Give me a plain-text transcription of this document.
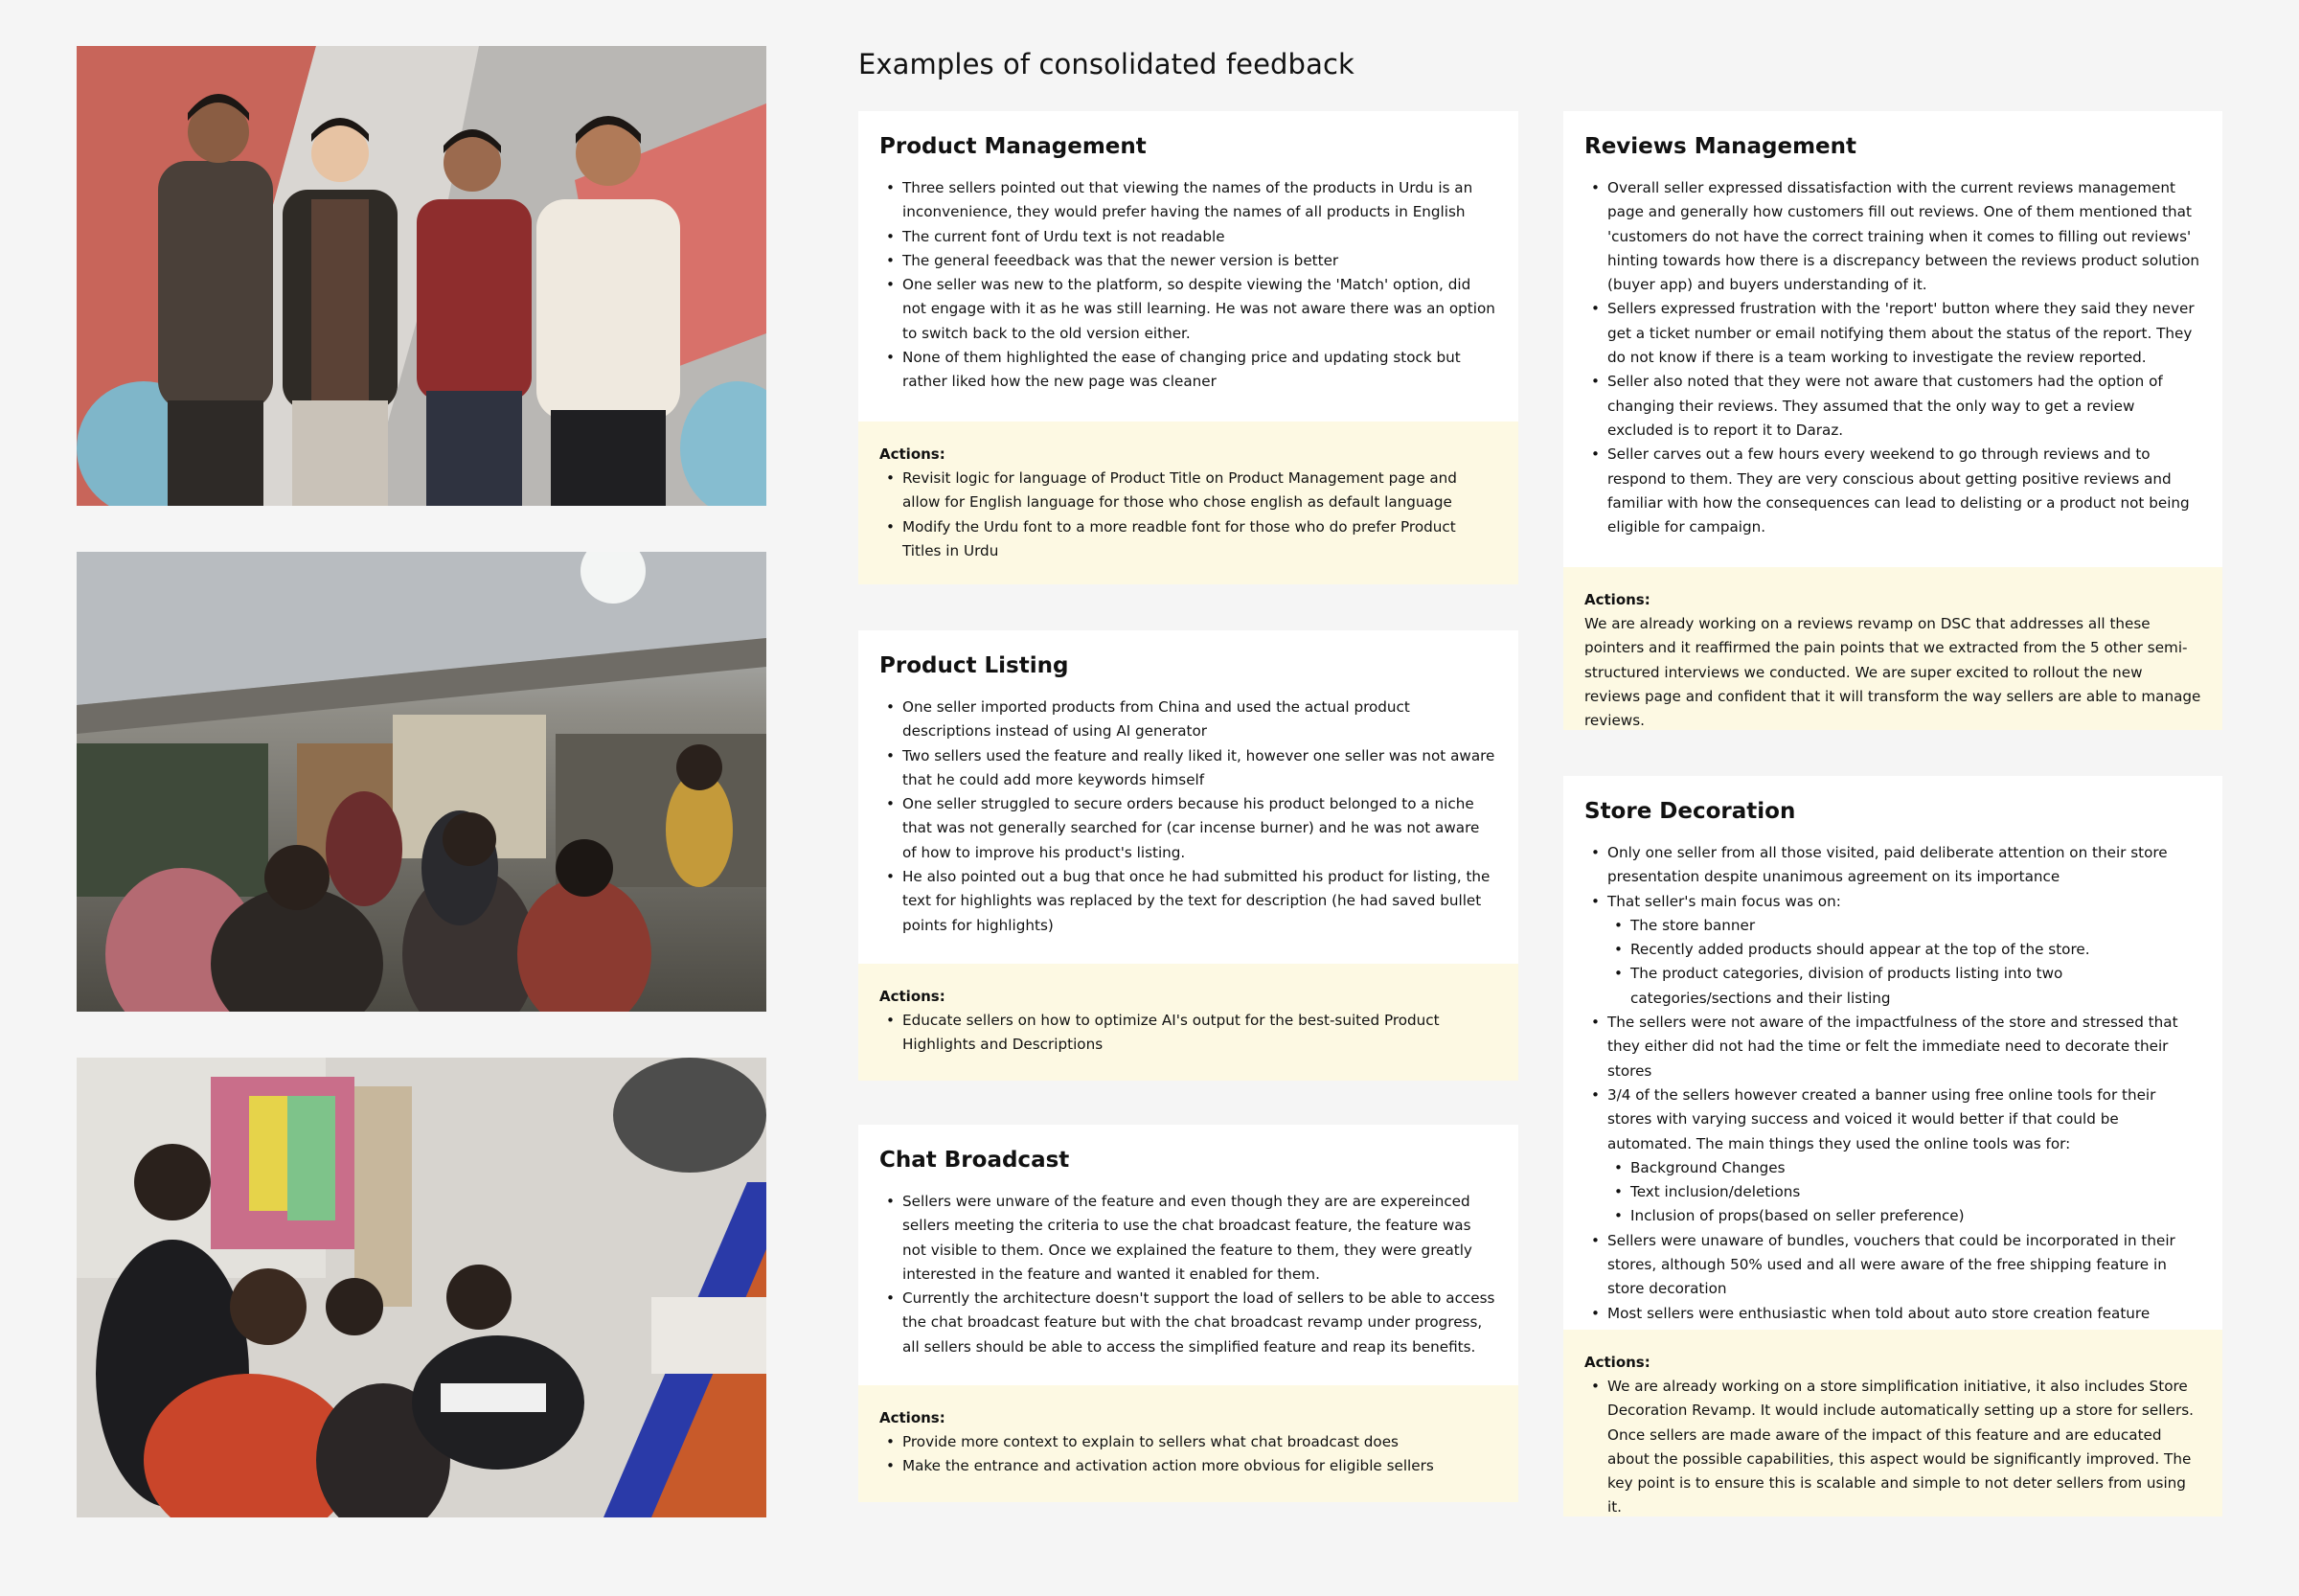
Examples of consolidated feedback
Product Management
• Three sellers pointed out that viewing the names of the products in Urdu is an inconvenience, they would prefer having the names of all products in English
• The current font of Urdu text is not readable
• The general feeedback was that the newer version is better
• One seller was new to the platform, so despite viewing the 'Match' option, did not engage with it as he was still learning. He was not aware there was an option to switch back to the old version either.
• None of them highlighted the ease of changing price and updating stock but rather liked how the new page was cleaner
Actions:
• Revisit logic for language of Product Title on Product Management page and allow for English language for those who chose english as default language
• Modify the Urdu font to a more readble font for those who do prefer Product Titles in Urdu
Product Listing
• One seller imported products from China and used the actual product descriptions instead of using AI generator
• Two sellers used the feature and really liked it, however one seller was not aware that he could add more keywords himself
• One seller struggled to secure orders because his product belonged to a niche that was not generally searched for (car incense burner) and he was not aware of how to improve his product's listing.
• He also pointed out a bug that once he had submitted his product for listing, the text for highlights was replaced by the text for description (he had saved bullet points for highlights)
Actions:
• Educate sellers on how to optimize AI's output for the best-suited Product Highlights and Descriptions
Chat Broadcast
• Sellers were unware of the feature and even though they are are expereinced sellers meeting the criteria to use the chat broadcast feature, the feature was not visible to them. Once we explained the feature to them, they were greatly interested in the feature and wanted it enabled for them.
• Currently the architecture doesn't support the load of sellers to be able to access the chat broadcast feature but with the chat broadcast revamp under progress, all sellers should be able to access the simplified feature and reap its benefits.
Actions:
• Provide more context to explain to sellers what chat broadcast does
• Make the entrance and activation action more obvious for eligible sellers
Reviews Management
• Overall seller expressed dissatisfaction with the current reviews management page and generally how customers fill out reviews. One of them mentioned that 'customers do not have the correct training when it comes to filling out reviews' hinting towards how there is a discrepancy between the reviews product solution (buyer app) and buyers understanding of it.
• Sellers expressed frustration with the 'report' button where they said they never get a ticket number or email notifying them about the status of the report. They do not know if there is a team working to investigate the review reported.
• Seller also noted that they were not aware that customers had the option of changing their reviews. They assumed that the only way to get a review excluded is to report it to Daraz.
• Seller carves out a few hours every weekend to go through reviews and to respond to them. They are very conscious about getting positive reviews and familiar with how the consequences can lead to delisting or a product not being eligible for campaign.
Actions:

We are already working on a reviews revamp on DSC that addresses all these pointers and it reaffirmed the pain points that we extracted from the 5 other semi- structured interviews we conducted. We are super excited to rollout the new reviews page and confident that it will transform the way sellers are able to manage reviews.

Store Decoration
• Only one seller from all those visited, paid deliberate attention on their store presentation despite unanimous agreement on its importance
• That seller's main focus was on:
• The store banner
• Recently added products should appear at the top of the store.
• The product categories, division of products listing into two categories/sections and their listing
• The sellers were not aware of the impactfulness of the store and stressed that they either did not had the time or felt the immediate need to decorate their stores
• 3/4 of the sellers however created a banner using free online tools for their stores with varying success and voiced it would better if that could be automated. The main things they used the online tools was for:
• Background Changes
• Text inclusion/deletions
• Inclusion of props(based on seller preference)
• Sellers were unaware of bundles, vouchers that could be incorporated in their stores, although 50% used and all were aware of the free shipping feature in store decoration
• Most sellers were enthusiastic when told about auto store creation feature
Actions:
• We are already working on a store simplification initiative, it also includes Store Decoration Revamp. It would include automatically setting up a store for sellers. Once sellers are made aware of the impact of this feature and are educated about the possible capabilities, this aspect would be significantly improved. The key point is to ensure this is scalable and simple to not deter sellers from using it.
